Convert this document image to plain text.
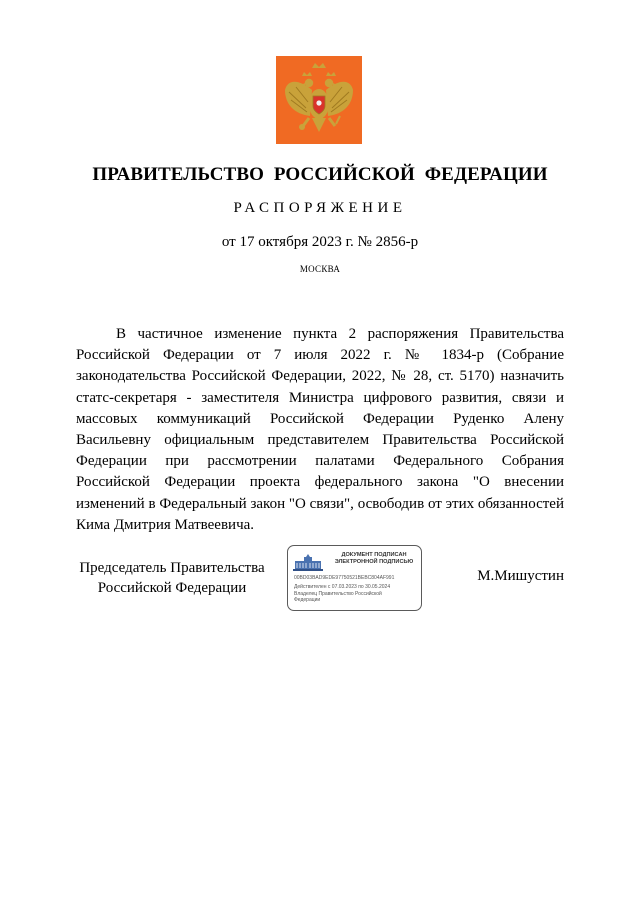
ПРАВИТЕЛЬСТВО РОССИЙСКОЙ ФЕДЕРАЦИИ
РАСПОРЯЖЕНИЕ
от 17 октября 2023 г. № 2856-р
МОСКВА

В частичное изменение пункта 2 распоряжения Правительства Российской Федерации от 7 июля 2022 г. № 1834-р (Собрание законодательства Российской Федерации, 2022, № 28, ст. 5170) назначить статс-секретаря - заместителя Министра цифрового развития, связи и массовых коммуникаций Российской Федерации Руденко Алену Васильевну официальным представителем Правительства Российской Федерации при рассмотрении палатами Федерального Собрания Российской Федерации проекта федерального закона "О внесении изменений в Федеральный закон "О связи", освободив от этих обязанностей Кима Дмитрия Матвеевича.

Председатель Правительства
Российской Федерации
ДОКУМЕНТ ПОДПИСАН
ЭЛЕКТРОННОЙ ПОДПИСЬЮ
00BD03BAD9EDE97750521BEBC804AF991
Действителен с 07.03.2023 по 30.05.2024
Владелец Правительство Российской
Федерации
М.Мишустин
